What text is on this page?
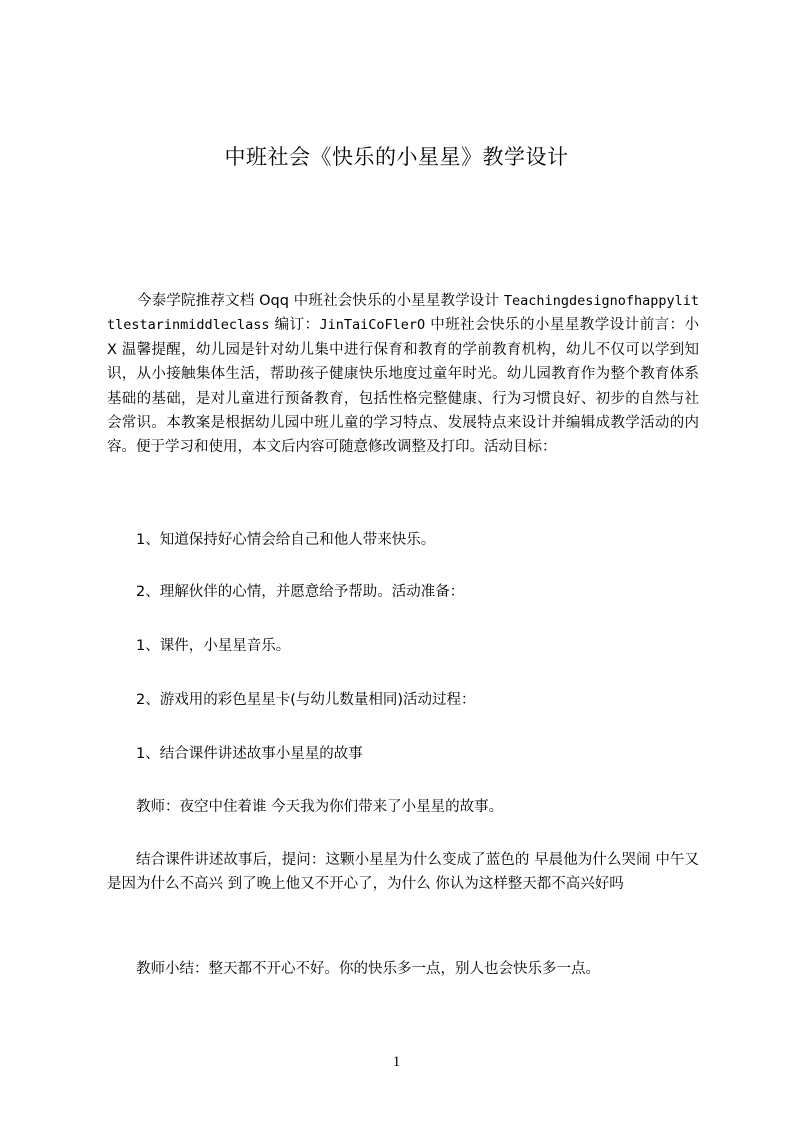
中班社会《快乐的小星星》教学设计
今泰学院推荐文档 Oqq 中班社会快乐的小星星教学设计 Teachingdesignofhappylittlestarinmiddleclass 编订：JinTaiCoFlerO 中班社会快乐的小星星教学设计前言：小 X 温馨提醒，幼儿园是针对幼儿集中进行保育和教育的学前教育机构，幼儿不仅可以学到知识，从小接触集体生活，帮助孩子健康快乐地度过童年时光。幼儿园教育作为整个教育体系基础的基础，是对儿童进行预备教育，包括性格完整健康、行为习惯良好、初步的自然与社会常识。本教案是根据幼儿园中班儿童的学习特点、发展特点来设计并编辑成教学活动的内容。便于学习和使用，本文后内容可随意修改调整及打印。活动目标：
1、知道保持好心情会给自己和他人带来快乐。
2、理解伙伴的心情，并愿意给予帮助。活动准备：
1、课件，小星星音乐。
2、游戏用的彩色星星卡(与幼儿数量相同)活动过程：
1、结合课件讲述故事小星星的故事
教师：夜空中住着谁 今天我为你们带来了小星星的故事。
结合课件讲述故事后，提问：这颗小星星为什么变成了蓝色的 早晨他为什么哭闹 中午又是因为什么不高兴 到了晚上他又不开心了，为什么 你认为这样整天都不高兴好吗
教师小结：整天都不开心不好。你的快乐多一点，别人也会快乐多一点。
1
